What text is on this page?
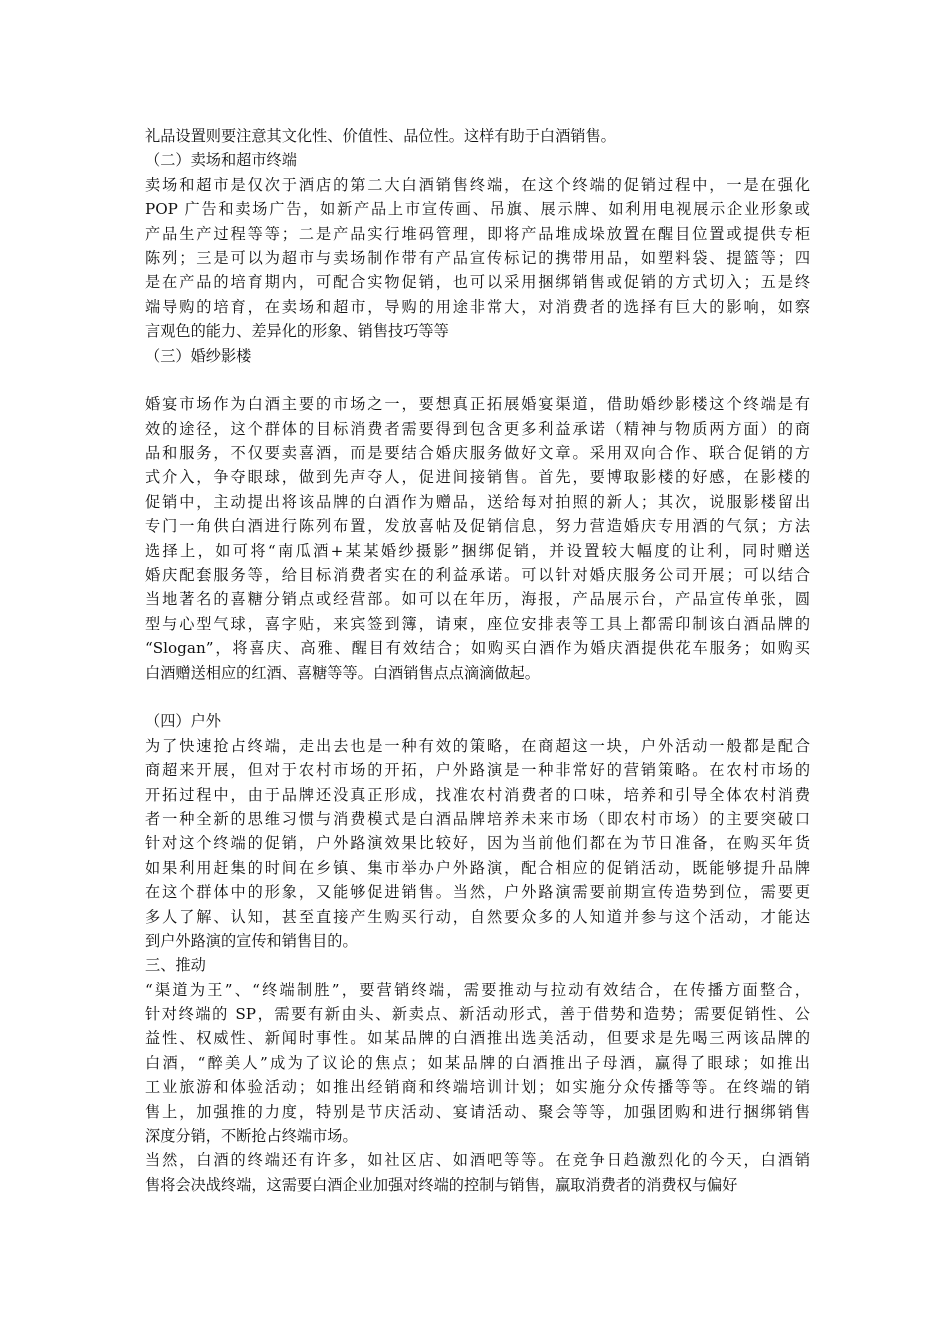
礼品设置则要注意其文化性、价值性、品位性。这样有助于白酒销售。
（二）卖场和超市终端
卖场和超市是仅次于酒店的第二大白酒销售终端，在这个终端的促销过程中，一是在强化
POP 广告和卖场广告，如新产品上市宣传画、吊旗、展示牌、如利用电视展示企业形象或
产品生产过程等等；二是产品实行堆码管理，即将产品堆成垛放置在醒目位置或提供专柜
陈列；三是可以为超市与卖场制作带有产品宣传标记的携带用品，如塑料袋、提篮等；四
是在产品的培育期内，可配合实物促销，也可以采用捆绑销售或促销的方式切入；五是终
端导购的培育，在卖场和超市，导购的用途非常大，对消费者的选择有巨大的影响，如察
言观色的能力、差异化的形象、销售技巧等等
（三）婚纱影楼
婚宴市场作为白酒主要的市场之一，要想真正拓展婚宴渠道，借助婚纱影楼这个终端是有
效的途径，这个群体的目标消费者需要得到包含更多利益承诺（精神与物质两方面）的商
品和服务，不仅要卖喜酒，而是要结合婚庆服务做好文章。采用双向合作、联合促销的方
式介入，争夺眼球，做到先声夺人，促进间接销售。首先，要博取影楼的好感，在影楼的
促销中，主动提出将该品牌的白酒作为赠品，送给每对拍照的新人；其次，说服影楼留出
专门一角供白酒进行陈列布置，发放喜帖及促销信息，努力营造婚庆专用酒的气氛；方法
选择上，如可将“南瓜酒+某某婚纱摄影”捆绑促销，并设置较大幅度的让利，同时赠送
婚庆配套服务等，给目标消费者实在的利益承诺。可以针对婚庆服务公司开展；可以结合
当地著名的喜糖分销点或经营部。如可以在年历，海报，产品展示台，产品宣传单张，圆
型与心型气球，喜字贴，来宾签到簿，请柬，座位安排表等工具上都需印制该白酒品牌的
“Slogan”，将喜庆、高雅、醒目有效结合；如购买白酒作为婚庆酒提供花车服务；如购买
白酒赠送相应的红酒、喜糖等等。白酒销售点点滴滴做起。
（四）户外
为了快速抢占终端，走出去也是一种有效的策略，在商超这一块，户外活动一般都是配合
商超来开展，但对于农村市场的开拓，户外路演是一种非常好的营销策略。在农村市场的
开拓过程中，由于品牌还没真正形成，找准农村消费者的口味，培养和引导全体农村消费
者一种全新的思维习惯与消费模式是白酒品牌培养未来市场（即农村市场）的主要突破口
针对这个终端的促销，户外路演效果比较好，因为当前他们都在为节日准备，在购买年货
如果利用赶集的时间在乡镇、集市举办户外路演，配合相应的促销活动，既能够提升品牌
在这个群体中的形象，又能够促进销售。当然，户外路演需要前期宣传造势到位，需要更
多人了解、认知，甚至直接产生购买行动，自然要众多的人知道并参与这个活动，才能达
到户外路演的宣传和销售目的。
三、推动
“渠道为王”、“终端制胜”，要营销终端，需要推动与拉动有效结合，在传播方面整合，
针对终端的 SP，需要有新由头、新卖点、新活动形式，善于借势和造势；需要促销性、公
益性、权威性、新闻时事性。如某品牌的白酒推出选美活动，但要求是先喝三两该品牌的
白酒，“醉美人”成为了议论的焦点；如某品牌的白酒推出子母酒，赢得了眼球；如推出
工业旅游和体验活动；如推出经销商和终端培训计划；如实施分众传播等等。在终端的销
售上，加强推的力度，特别是节庆活动、宴请活动、聚会等等，加强团购和进行捆绑销售
深度分销，不断抢占终端市场。
当然，白酒的终端还有许多，如社区店、如酒吧等等。在竞争日趋激烈化的今天，白酒销
售将会决战终端，这需要白酒企业加强对终端的控制与销售，赢取消费者的消费权与偏好
